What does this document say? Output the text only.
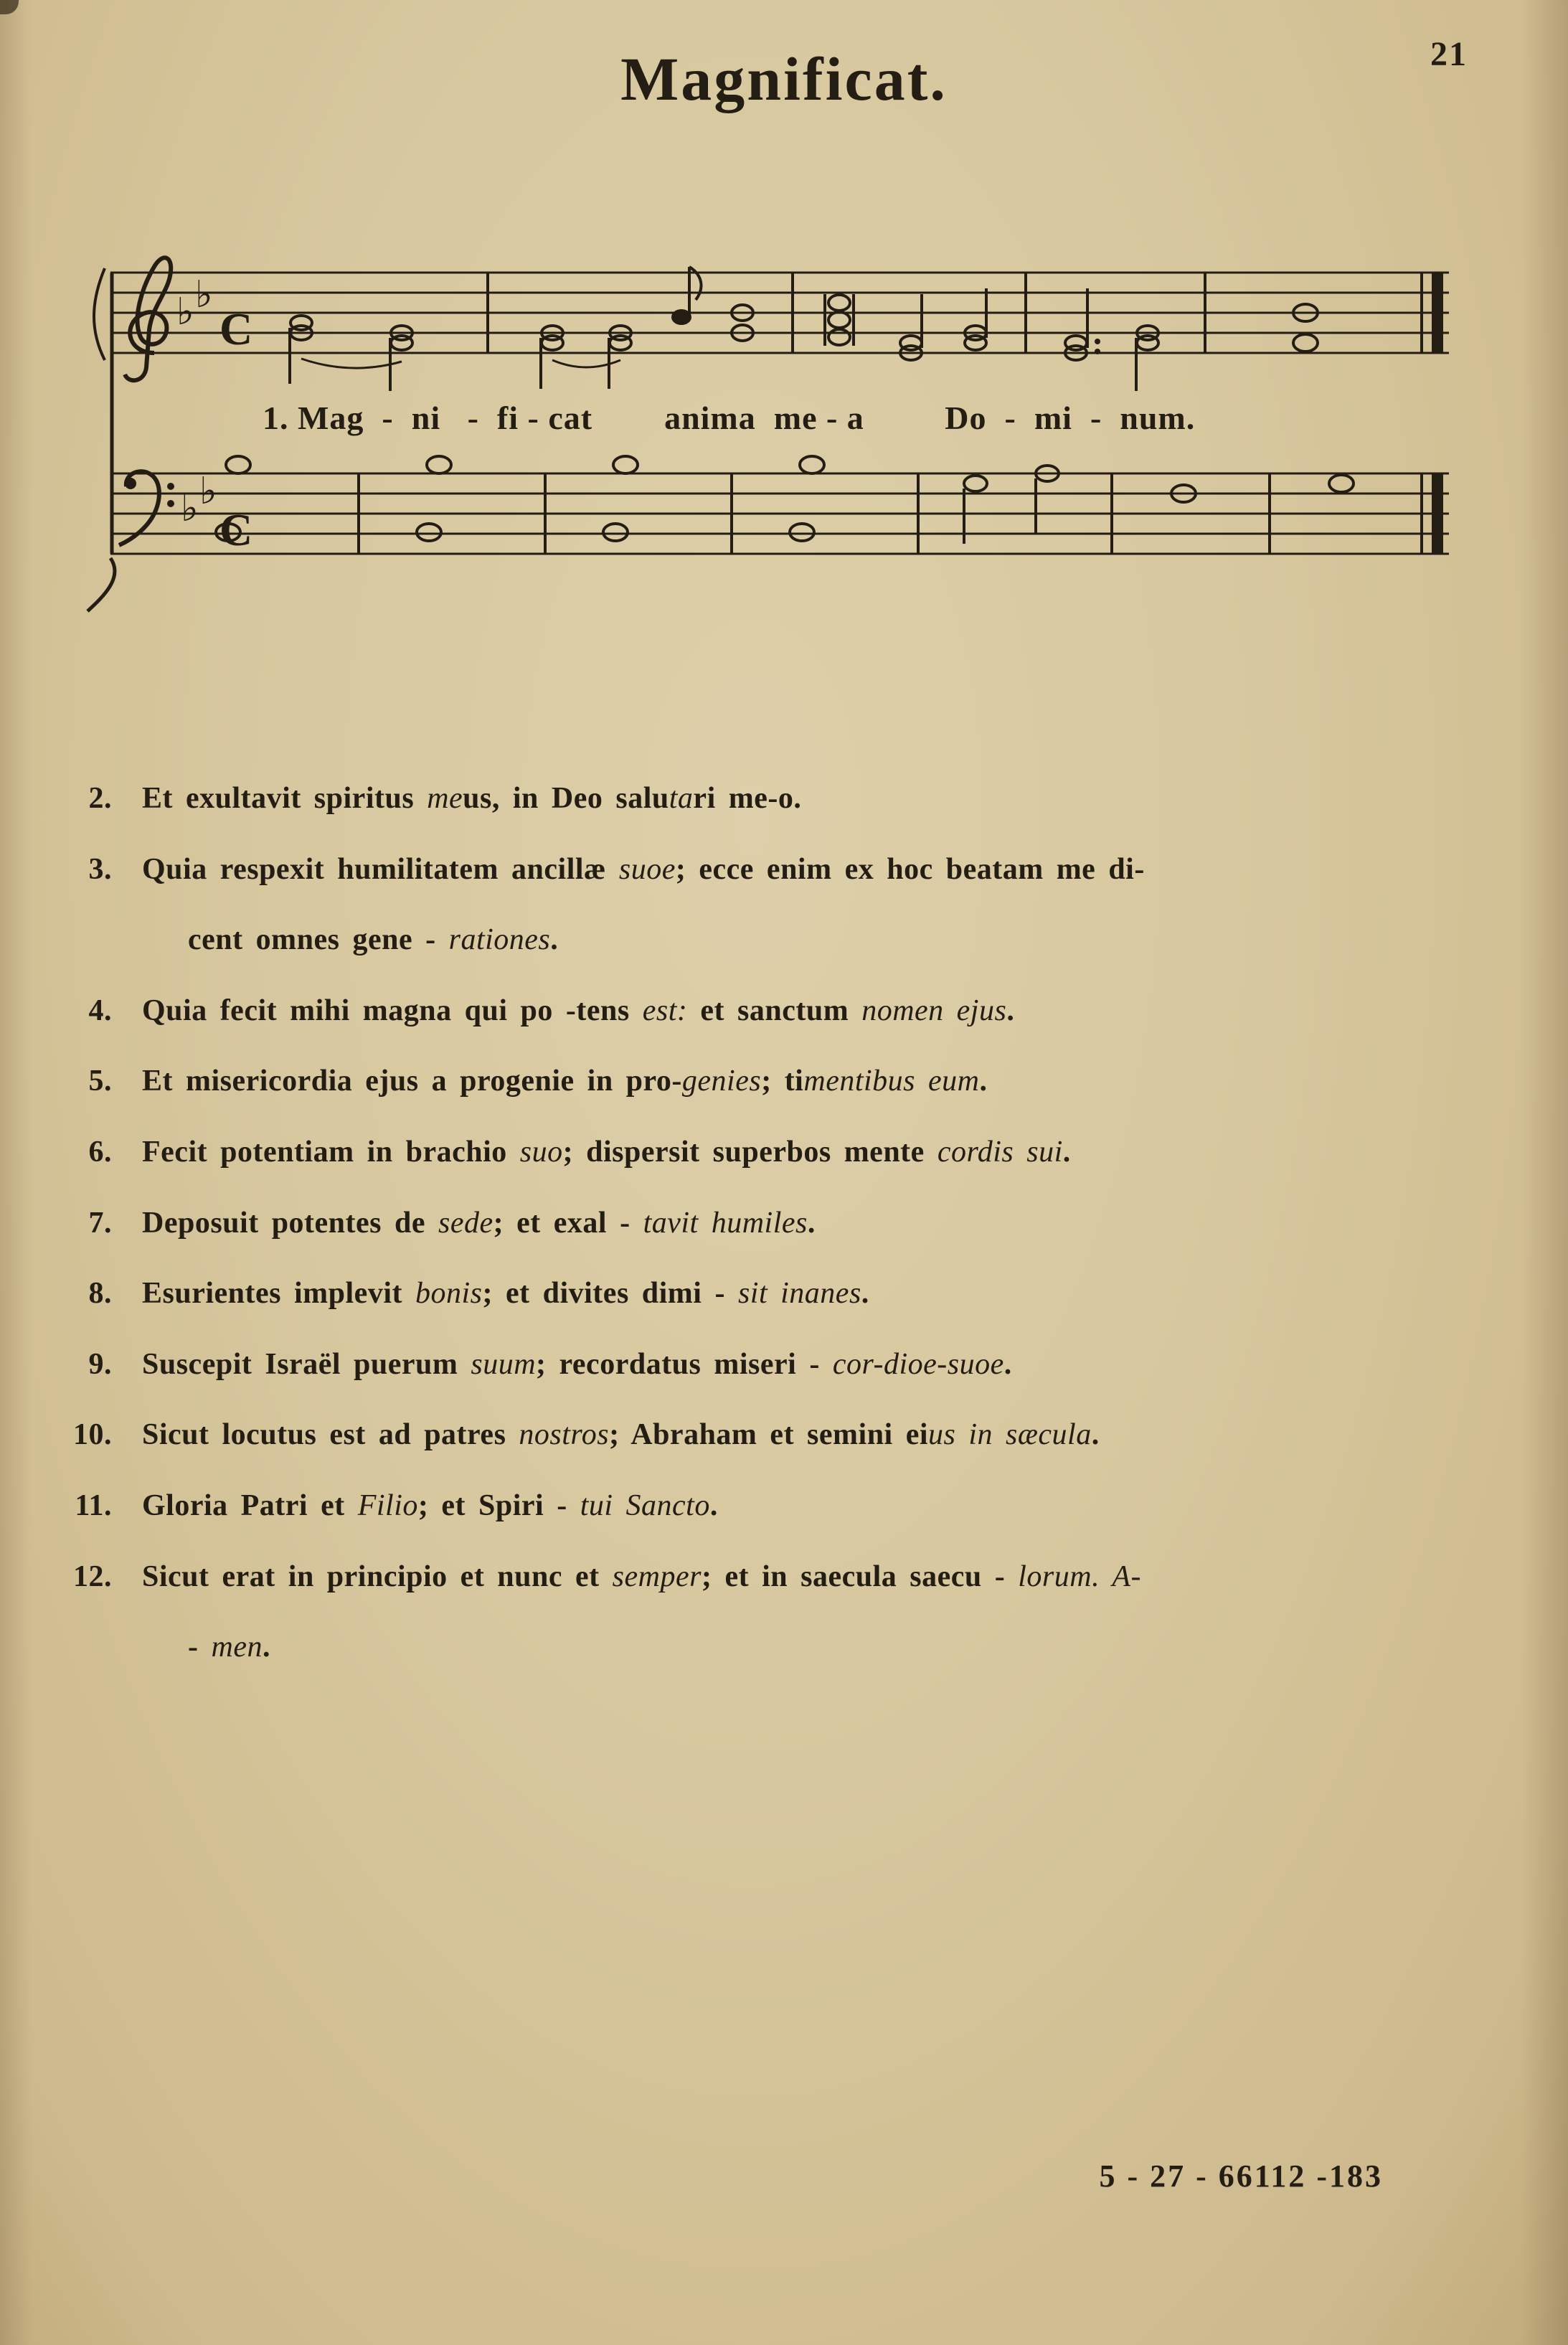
21
Magnificat.
♭ ♭
C
♭ ♭
C
1. Mag  -  ni   -  fi - cat        anima  me - a         Do  -  mi  -  num.
2.	Et exultavit spiritus meus, in Deo salutari me-o.
3.	Quia respexit humilitatem ancillæ suoe; ecce enim ex hoc beatam me di-
cent omnes gene - rationes.
4.	Quia fecit mihi magna qui po -tens est: et sanctum nomen ejus.
5.	Et misericordia ejus a progenie in pro-genies; timentibus eum.
6.	Fecit potentiam in brachio suo; dispersit superbos mente cordis sui.
7.	Deposuit potentes de sede; et exal - tavit humiles.
8.	Esurientes implevit bonis; et divites dimi - sit inanes.
9.	Suscepit Israël puerum suum; recordatus miseri - cor-dioe-suoe.
10.	Sicut locutus est ad patres nostros; Abraham et semini eius in sæcula.
11.	Gloria Patri et Filio; et Spiri - tui Sancto.
12.	Sicut erat in principio et nunc et semper; et in saecula saecu - lorum. A-
- men.
5 - 27 - 66112 -183
